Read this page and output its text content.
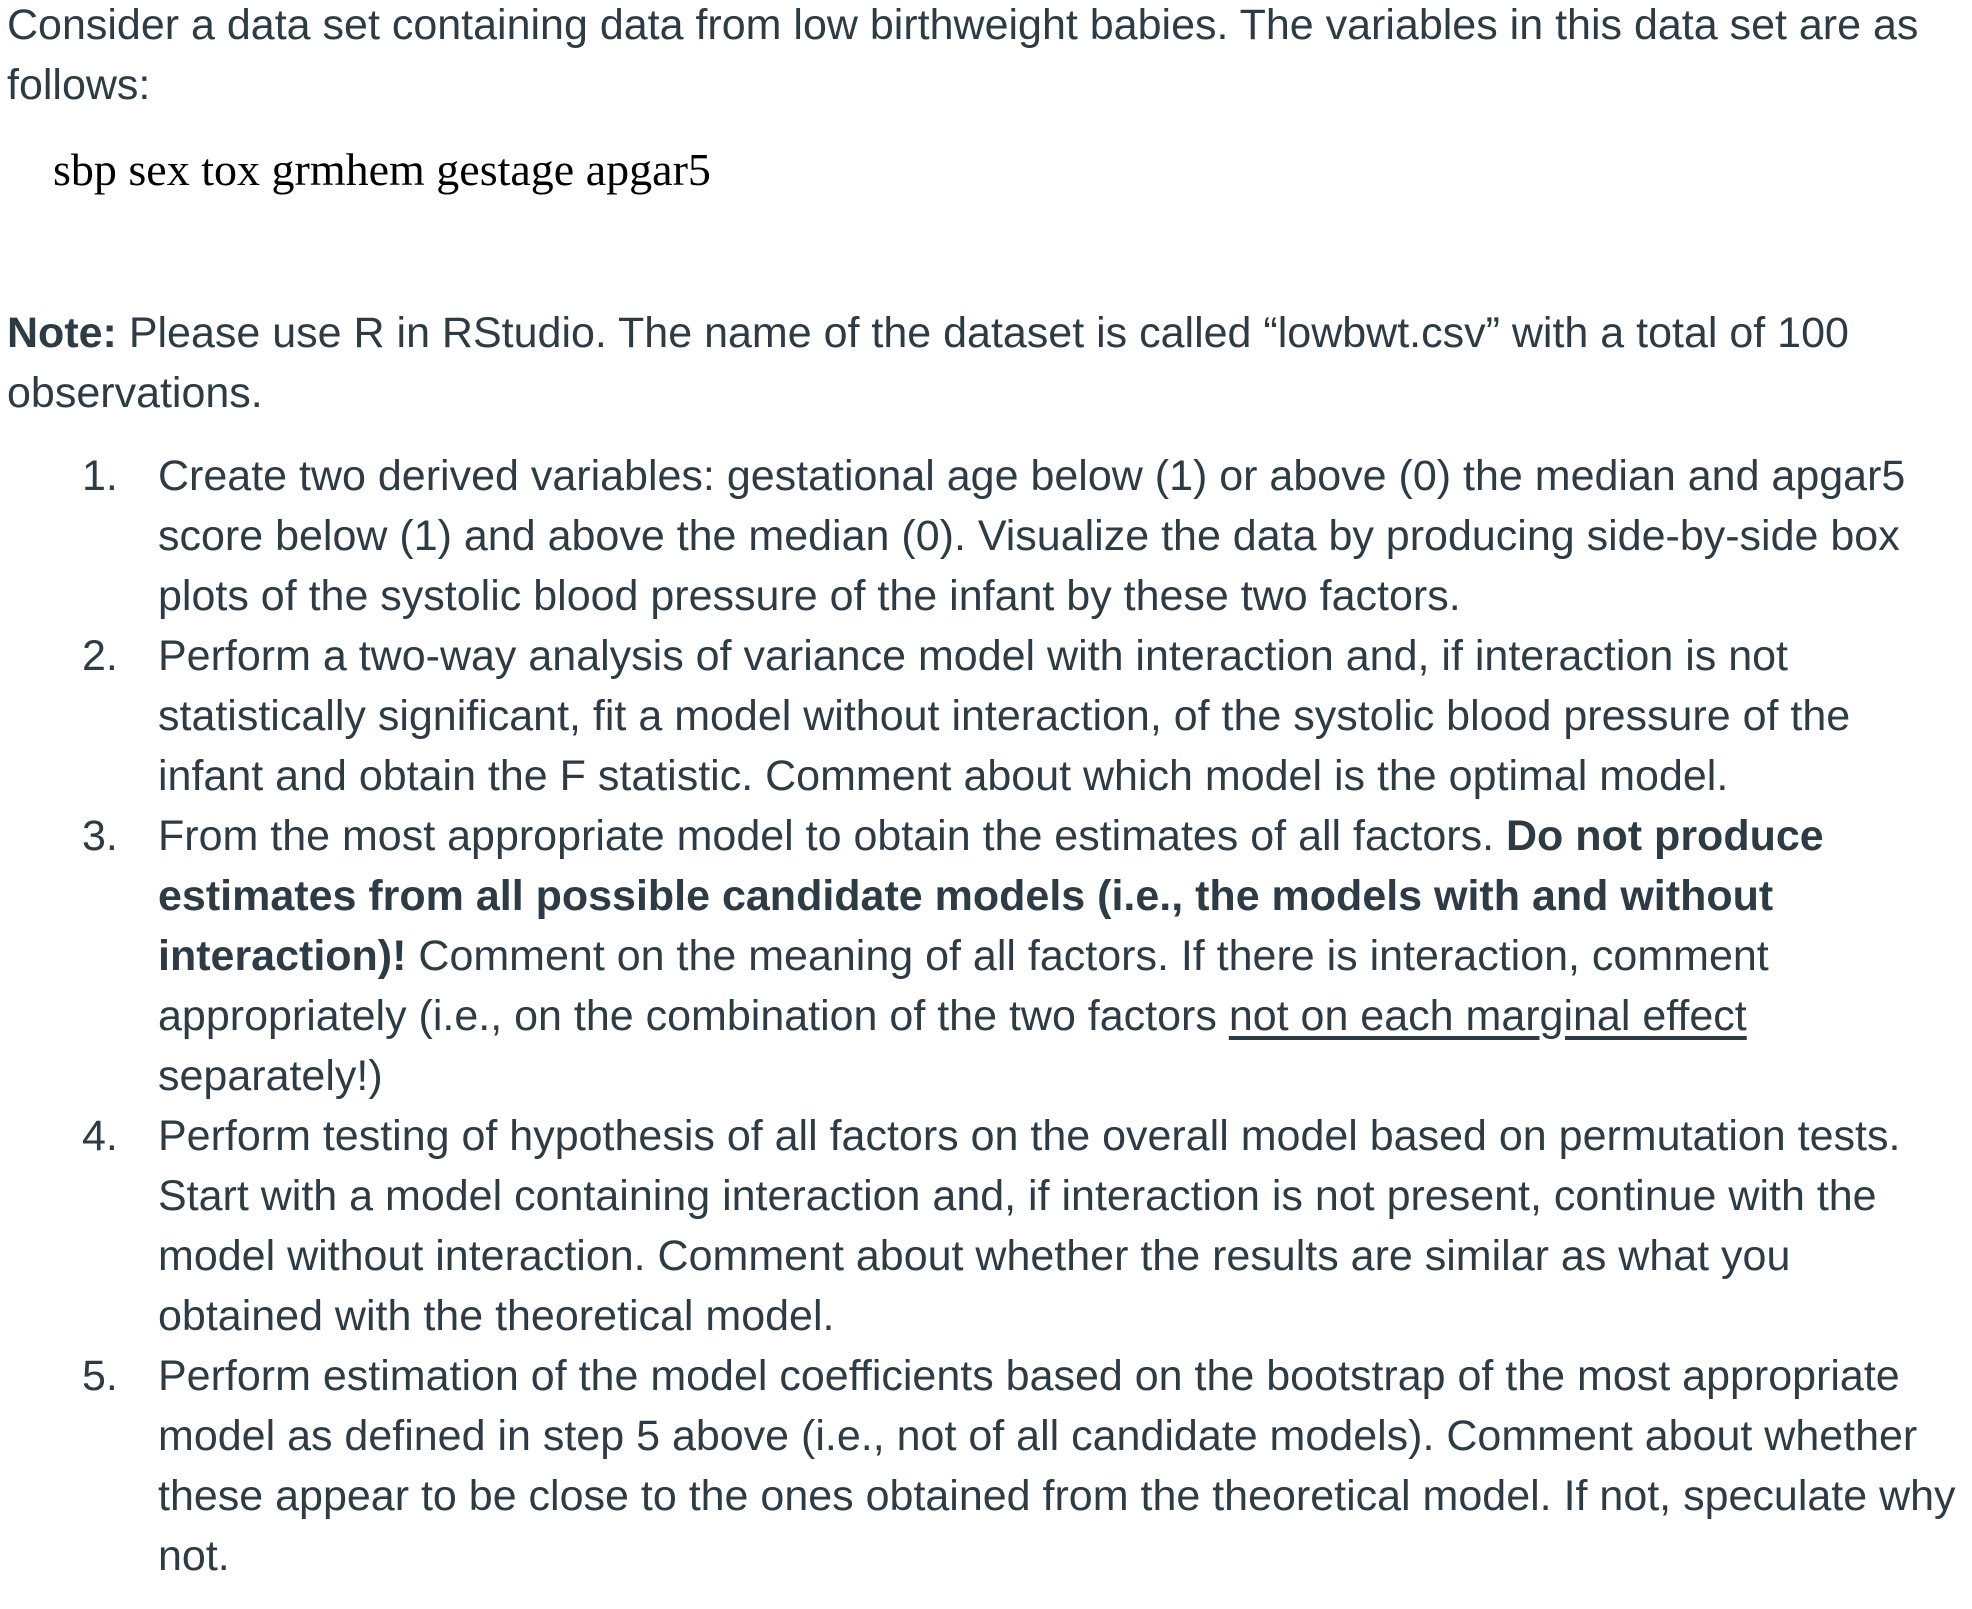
Consider a data set containing data from low birthweight babies. The variables in this data set are as follows:

sbp sex tox grmhem gestage apgar5

Note: Please use R in RStudio. The name of the dataset is called “lowbwt.csv” with a total of 100 observations.

1. Create two derived variables: gestational age below (1) or above (0) the median and apgar5 score below (1) and above the median (0). Visualize the data by producing side-by-side box plots of the systolic blood pressure of the infant by these two factors.
2. Perform a two-way analysis of variance model with interaction and, if interaction is not statistically significant, fit a model without interaction, of the systolic blood pressure of the infant and obtain the F statistic. Comment about which model is the optimal model.
3. From the most appropriate model to obtain the estimates of all factors. Do not produce estimates from all possible candidate models (i.e., the models with and without interaction)! Comment on the meaning of all factors. If there is interaction, comment appropriately (i.e., on the combination of the two factors not on each marginal effect separately!)
4. Perform testing of hypothesis of all factors on the overall model based on permutation tests. Start with a model containing interaction and, if interaction is not present, continue with the model without interaction. Comment about whether the results are similar as what you obtained with the theoretical model.
5. Perform estimation of the model coefficients based on the bootstrap of the most appropriate model as defined in step 5 above (i.e., not of all candidate models). Comment about whether these appear to be close to the ones obtained from the theoretical model. If not, speculate why not.
